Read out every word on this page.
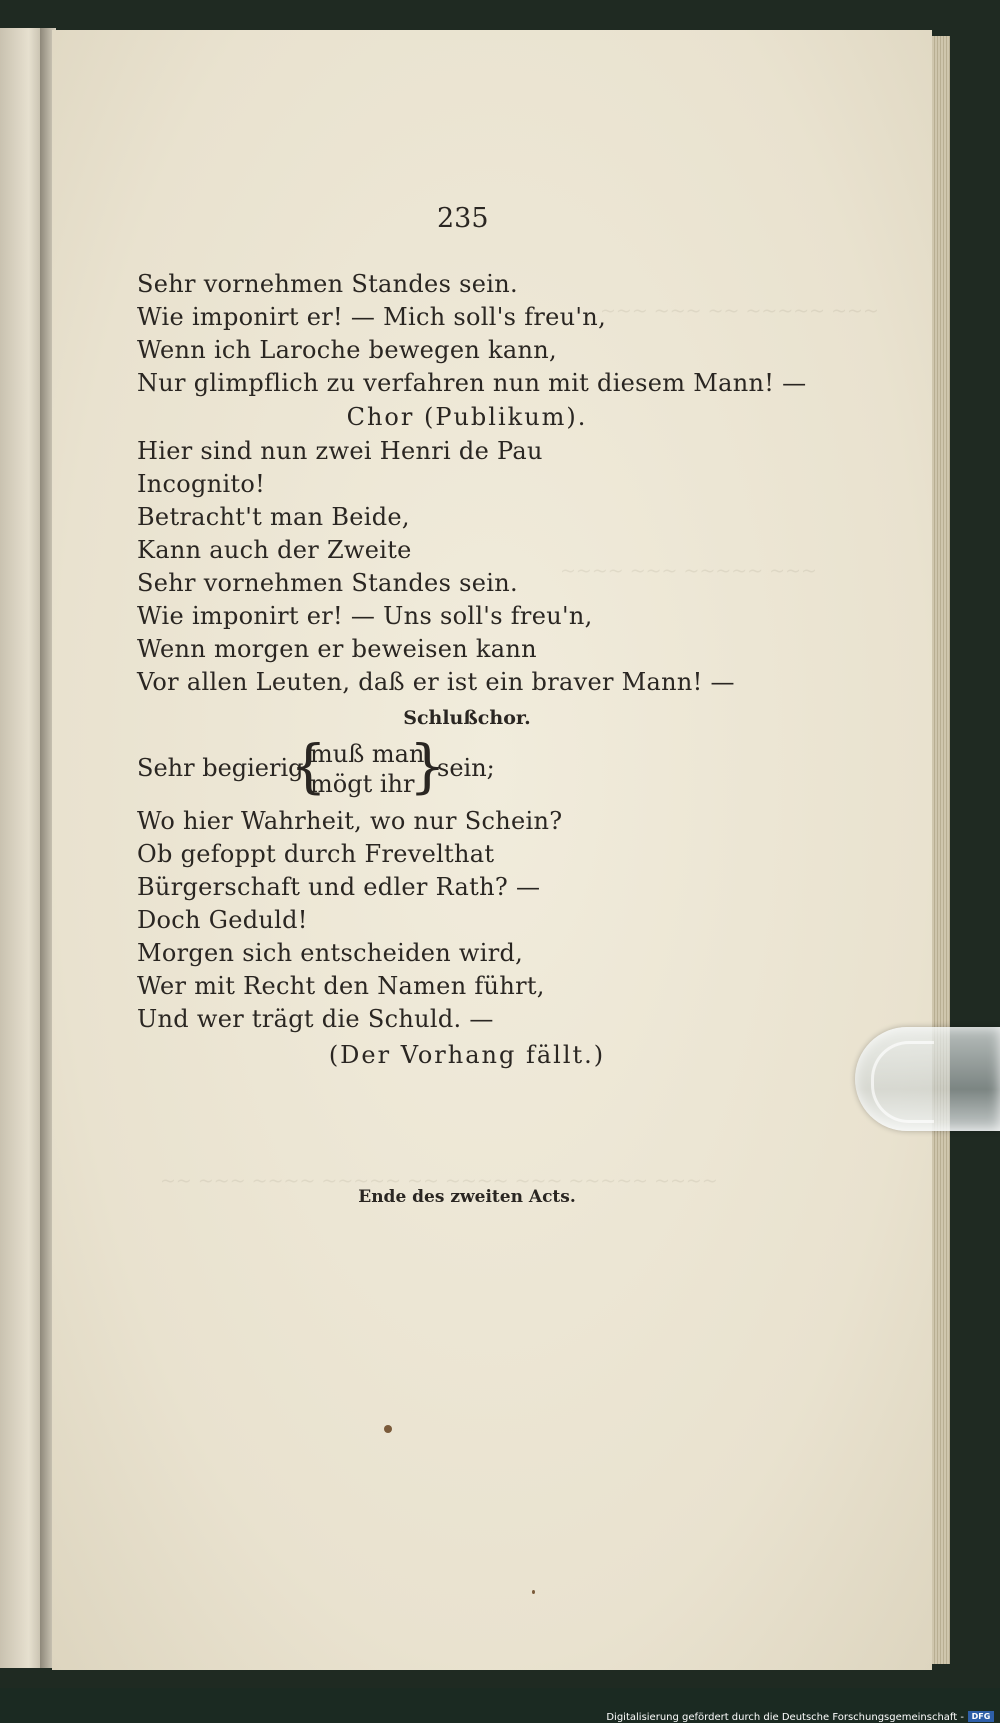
~~~ ~~~ ~~ ~~~~~ ~~~
~~~~ ~~~ ~~~~~ ~~~
~~ ~~~ ~~~~ ~~~~~ ~~ ~~~~ ~~~ ~~~~~ ~~~~
235
Sehr vornehmen Standes sein.
Wie imponirt er! — Mich soll's freu'n,
Wenn ich Laroche bewegen kann,
Nur glimpflich zu verfahren nun mit diesem Mann! —
Chor (Publikum).
Hier sind nun zwei Henri de Pau
Incognito!
Betracht't man Beide,
Kann auch der Zweite
Sehr vornehmen Standes sein.
Wie imponirt er! — Uns soll's freu'n,
Wenn morgen er beweisen kann
Vor allen Leuten, daß er ist ein braver Mann! —
Schlußchor.
Sehr begierig
{
muß man
mögt ihr
}
sein;
Wo hier Wahrheit, wo nur Schein?
Ob gefoppt durch Frevelthat
Bürgerschaft und edler Rath? —
Doch Geduld!
Morgen sich entscheiden wird,
Wer mit Recht den Namen führt,
Und wer trägt die Schuld. —
(Der Vorhang fällt.)
Ende des zweiten Acts.
Digitalisierung gefördert durch die Deutsche Forschungsgemeinschaft - DFG
